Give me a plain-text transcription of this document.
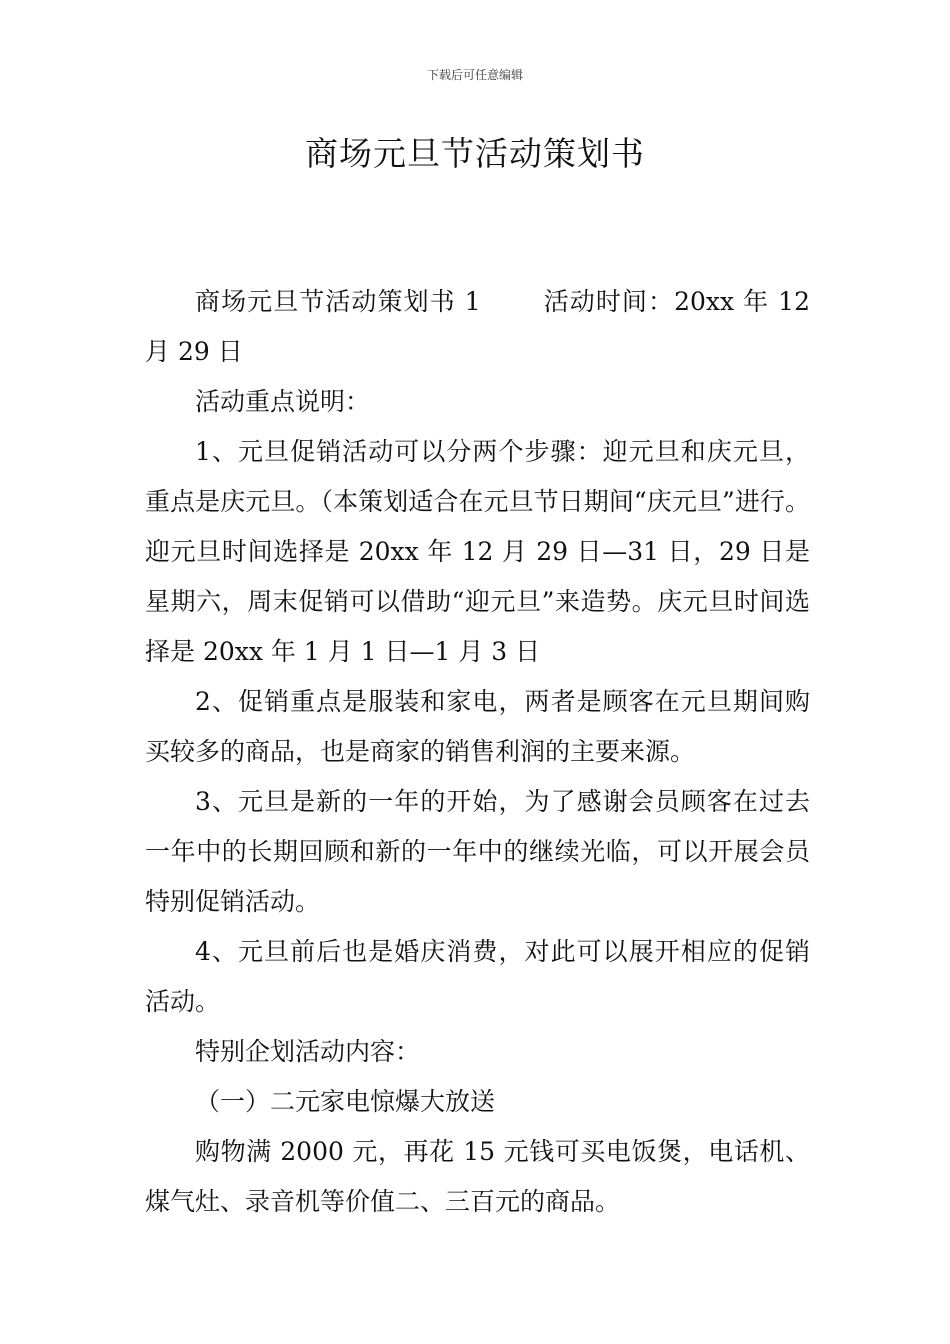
下载后可任意编辑
商场元旦节活动策划书

商场元旦节活动策划书 1 活动时间：20xx 年 12 月 29 日

活动重点说明：

1、元旦促销活动可以分两个步骤：迎元旦和庆元旦，重点是庆元旦。（本策划适合在元旦节日期间“庆元旦”进行。迎元旦时间选择是 20xx 年 12 月 29 日—31 日，29 日是星期六，周末促销可以借助“迎元旦”来造势。庆元旦时间选择是 20xx 年 1 月 1 日—1 月 3 日

2、促销重点是服装和家电，两者是顾客在元旦期间购买较多的商品，也是商家的销售利润的主要来源。

3、元旦是新的一年的开始，为了感谢会员顾客在过去一年中的长期回顾和新的一年中的继续光临，可以开展会员特别促销活动。

4、元旦前后也是婚庆消费，对此可以展开相应的促销活动。

特别企划活动内容：

（一）二元家电惊爆大放送

购物满 2000 元，再花 15 元钱可买电饭煲，电话机、煤气灶、录音机等价值二、三百元的商品。
